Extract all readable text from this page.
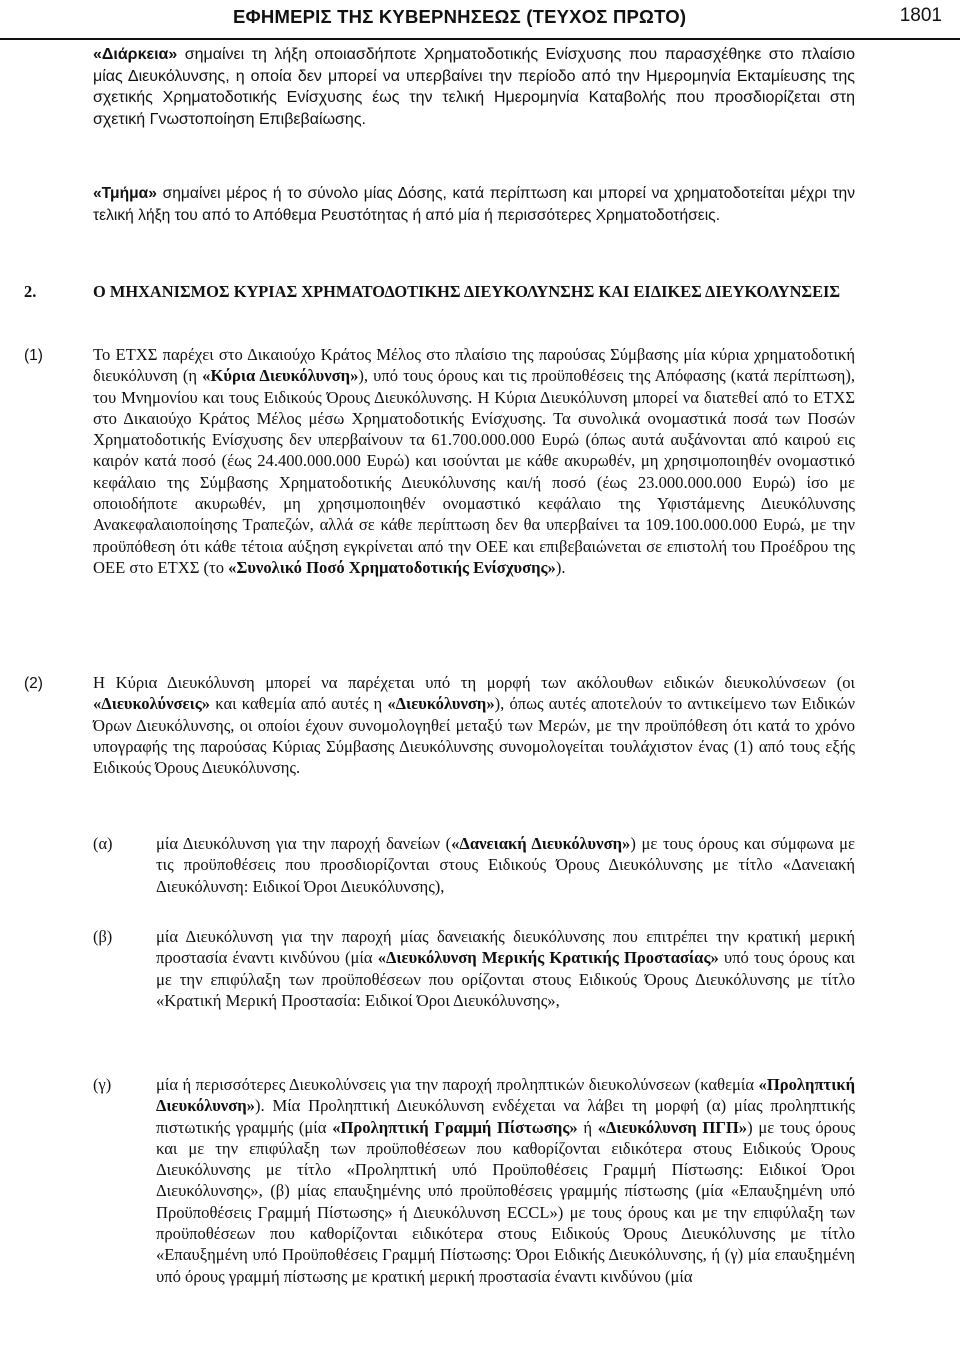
ΕΦΗΜΕΡΙΣ ΤΗΣ ΚΥΒΕΡΝΗΣΕΩΣ (ΤΕΥΧΟΣ ΠΡΩΤΟ)	1801

«Διάρκεια» σημαίνει τη λήξη οποιασδήποτε Χρηματοδοτικής Ενίσχυσης που παρασχέθηκε στο πλαίσιο μίας Διευκόλυνσης, η οποία δεν μπορεί να υπερβαίνει την περίοδο από την Ημερομηνία Εκταμίευσης της σχετικής Χρηματοδοτικής Ενίσχυσης έως την τελική Ημερομηνία Καταβολής που προσδιορίζεται στη σχετική Γνωστοποίηση Επιβεβαίωσης.

«Τμήμα» σημαίνει μέρος ή το σύνολο μίας Δόσης, κατά περίπτωση και μπορεί να χρηματοδοτείται μέχρι την τελική λήξη του από το Απόθεμα Ρευστότητας ή από μία ή περισσότερες Χρηματοδοτήσεις.

2.	Ο ΜΗΧΑΝΙΣΜΟΣ ΚΥΡΙΑΣ ΧΡΗΜΑΤΟΔΟΤΙΚΗΣ ΔΙΕΥΚΟΛΥΝΣΗΣ ΚΑΙ ΕΙΔΙΚΕΣ ΔΙΕΥΚΟΛΥΝΣΕΙΣ
(1)	Το ΕΤΧΣ παρέχει στο Δικαιούχο Κράτος Μέλος στο πλαίσιο της παρούσας Σύμβασης μία κύρια χρηματοδοτική διευκόλυνση (η «Κύρια Διευκόλυνση»), υπό τους όρους και τις προϋποθέσεις της Απόφασης (κατά περίπτωση), του Μνημονίου και τους Ειδικούς Όρους Διευκόλυνσης. Η Κύρια Διευκόλυνση μπορεί να διατεθεί από το ΕΤΧΣ στο Δικαιούχο Κράτος Μέλος μέσω Χρηματοδοτικής Ενίσχυσης. Τα συνολικά ονομαστικά ποσά των Ποσών Χρηματοδοτικής Ενίσχυσης δεν υπερβαίνουν τα 61.700.000.000 Ευρώ (όπως αυτά αυξάνονται από καιρού εις καιρόν κατά ποσό (έως 24.400.000.000 Ευρώ) και ισούνται με κάθε ακυρωθέν, μη χρησιμοποιηθέν ονομαστικό κεφάλαιο της Σύμβασης Χρηματοδοτικής Διευκόλυνσης και/ή ποσό (έως 23.000.000.000 Ευρώ) ίσο με οποιοδήποτε ακυρωθέν, μη χρησιμοποιηθέν ονομαστικό κεφάλαιο της Υφιστάμενης Διευκόλυνσης Ανακεφαλαιοποίησης Τραπεζών, αλλά σε κάθε περίπτωση δεν θα υπερβαίνει τα 109.100.000.000 Ευρώ, με την προϋπόθεση ότι κάθε τέτοια αύξηση εγκρίνεται από την ΟΕΕ και επιβεβαιώνεται σε επιστολή του Προέδρου της ΟΕΕ στο ΕΤΧΣ (το «Συνολικό Ποσό Χρηματοδοτικής Ενίσχυσης»).

(2)	Η Κύρια Διευκόλυνση μπορεί να παρέχεται υπό τη μορφή των ακόλουθων ειδικών διευκολύνσεων (οι «Διευκολύνσεις» και καθεμία από αυτές η «Διευκόλυνση»), όπως αυτές αποτελούν το αντικείμενο των Ειδικών Όρων Διευκόλυνσης, οι οποίοι έχουν συνομολογηθεί μεταξύ των Μερών, με την προϋπόθεση ότι κατά το χρόνο υπογραφής της παρούσας Κύριας Σύμβασης Διευκόλυνσης συνομολογείται τουλάχιστον ένας (1) από τους εξής Ειδικούς Όρους Διευκόλυνσης.

(α)	μία Διευκόλυνση για την παροχή δανείων («Δανειακή Διευκόλυνση») με τους όρους και σύμφωνα με τις προϋποθέσεις που προσδιορίζονται στους Ειδικούς Όρους Διευκόλυνσης με τίτλο «Δανειακή Διευκόλυνση: Ειδικοί Όροι Διευκόλυνσης),

(β)	μία Διευκόλυνση για την παροχή μίας δανειακής διευκόλυνσης που επιτρέπει την κρατική μερική προστασία έναντι κινδύνου (μία «Διευκόλυνση Μερικής Κρατικής Προστασίας» υπό τους όρους και με την επιφύλαξη των προϋποθέσεων που ορίζονται στους Ειδικούς Όρους Διευκόλυνσης με τίτλο «Κρατική Μερική Προστασία: Ειδικοί Όροι Διευκόλυνσης»,

(γ)	μία ή περισσότερες Διευκολύνσεις για την παροχή προληπτικών διευκολύνσεων (καθεμία «Προληπτική Διευκόλυνση»). Μία Προληπτική Διευκόλυνση ενδέχεται να λάβει τη μορφή (α) μίας προληπτικής πιστωτικής γραμμής (μία «Προληπτική Γραμμή Πίστωσης» ή «Διευκόλυνση ΠΓΠ») με τους όρους και με την επιφύλαξη των προϋποθέσεων που καθορίζονται ειδικότερα στους Ειδικούς Όρους Διευκόλυνσης με τίτλο «Προληπτική υπό Προϋποθέσεις Γραμμή Πίστωσης: Ειδικοί Όροι Διευκόλυνσης», (β) μίας επαυξημένης υπό προϋποθέσεις γραμμής πίστωσης (μία «Επαυξημένη υπό Προϋποθέσεις Γραμμή Πίστωσης» ή Διευκόλυνση ECCL») με τους όρους και με την επιφύλαξη των προϋποθέσεων που καθορίζονται ειδικότερα στους Ειδικούς Όρους Διευκόλυνσης με τίτλο «Επαυξημένη υπό Προϋποθέσεις Γραμμή Πίστωσης: Όροι Ειδικής Διευκόλυνσης, ή (γ) μία επαυξημένη υπό όρους γραμμή πίστωσης με κρατική μερική προστασία έναντι κινδύνου (μία
